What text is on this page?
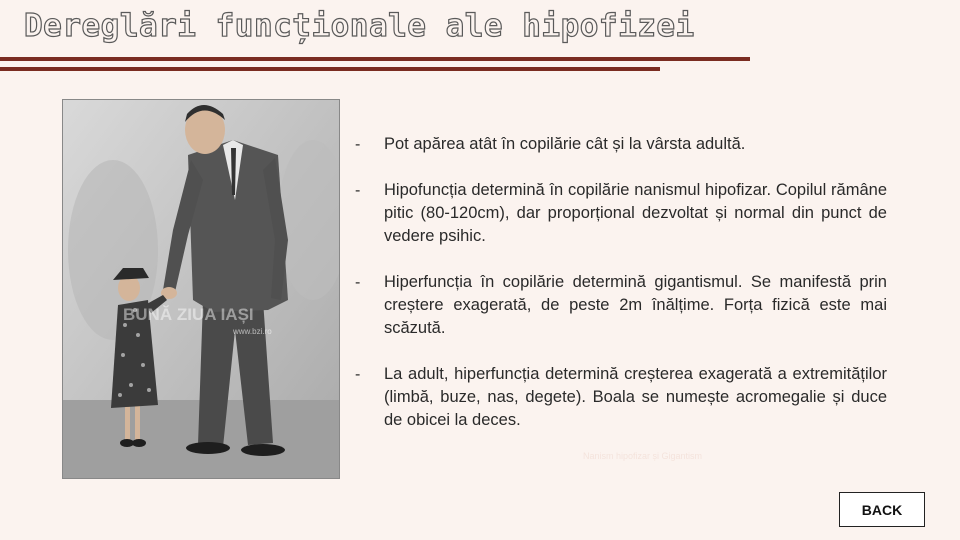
Dereglări funcționale ale hipofizei
BUNĂ ZIUA IAȘI
www.bzi.ro
-	Pot apărea atât în copilărie cât și la vârsta adultă.
-	Hipofuncția determină în copilărie nanismul hipofizar. Copilul rămâne pitic (80-120cm), dar proporțional dezvoltat și normal din punct de vedere psihic.
-	Hiperfuncția în copilărie determină gigantismul. Se manifestă prin creștere exagerată, de peste 2m înălțime. Forța fizică este mai scăzută.
-	La adult, hiperfuncția determină creșterea exagerată a extremităților (limbă, buze, nas, degete). Boala se numește acromegalie și duce de obicei la deces.
Nanism hipofizar și Gigantism
BACK
